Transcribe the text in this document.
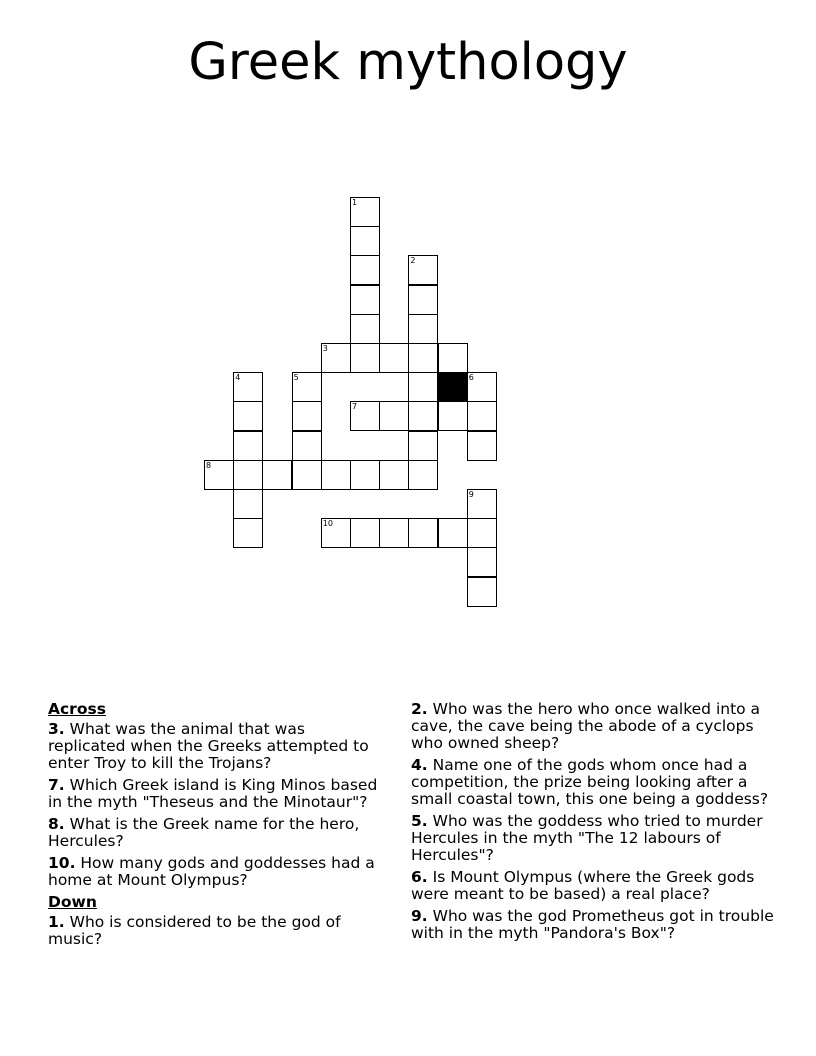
Greek mythology
1
2
3
4	5	6
7
8
9
10
Across
3. What was the animal that was replicated when the Greeks attempted to enter Troy to kill the Trojans?
7. Which Greek island is King Minos based in the myth "Theseus and the Minotaur"?
8. What is the Greek name for the hero, Hercules?
10. How many gods and goddesses had a home at Mount Olympus?
Down
1. Who is considered to be the god of music?
2. Who was the hero who once walked into a cave, the cave being the abode of a cyclops who owned sheep?
4. Name one of the gods whom once had a competition, the prize being looking after a small coastal town, this one being a goddess?
5. Who was the goddess who tried to murder Hercules in the myth "The 12 labours of Hercules"?
6. Is Mount Olympus (where the Greek gods were meant to be based) a real place?
9. Who was the god Prometheus got in trouble with in the myth "Pandora's Box"?
